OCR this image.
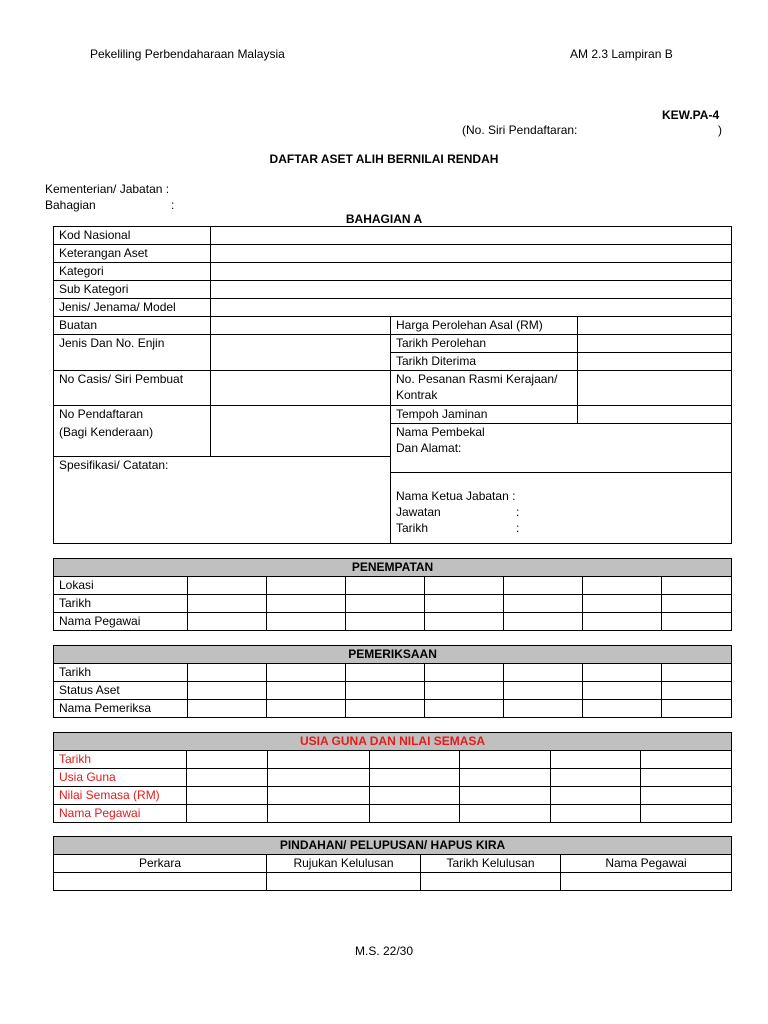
Pekeliling Perbendaharaan Malaysia	AM 2.3 Lampiran B
KEW.PA-4
(No. Siri Pendaftaran:	)
DAFTAR ASET ALIH BERNILAI RENDAH
Kementerian/ Jabatan :
Bahagian	:
BAHAGIAN A
Kod Nasional			
Keterangan Aset			
Kategori			
Sub Kategori			
Jenis/ Jenama/ Model			
Buatan		Harga Perolehan Asal (RM)	
Jenis Dan No. Enjin		Tarikh Perolehan	
		Tarikh Diterima	
No Casis/ Siri Pembuat		No. Pesanan Rasmi Kerajaan/
Kontrak	
No Pendaftaran
(Bagi Kenderaan)		Tempoh Jaminan	
		Nama Pembekal
Dan Alamat:	
Spesifikasi/ Catatan:			

		Nama Ketua Jabatan :
Jawatan :
Tarikh :	
PENEMPATAN							
Lokasi							
Tarikh							
Nama Pegawai							
PEMERIKSAAN							
Tarikh							
Status Aset							
Nama Pemeriksa							
USIA GUNA DAN NILAI SEMASA						
Tarikh						
Usia Guna						
Nilai Semasa (RM)						
Nama Pegawai						
PINDAHAN/ PELUPUSAN/ HAPUS KIRA			
Perkara	Rujukan Kelulusan	Tarikh Kelulusan	Nama Pegawai

M.S. 22/30
